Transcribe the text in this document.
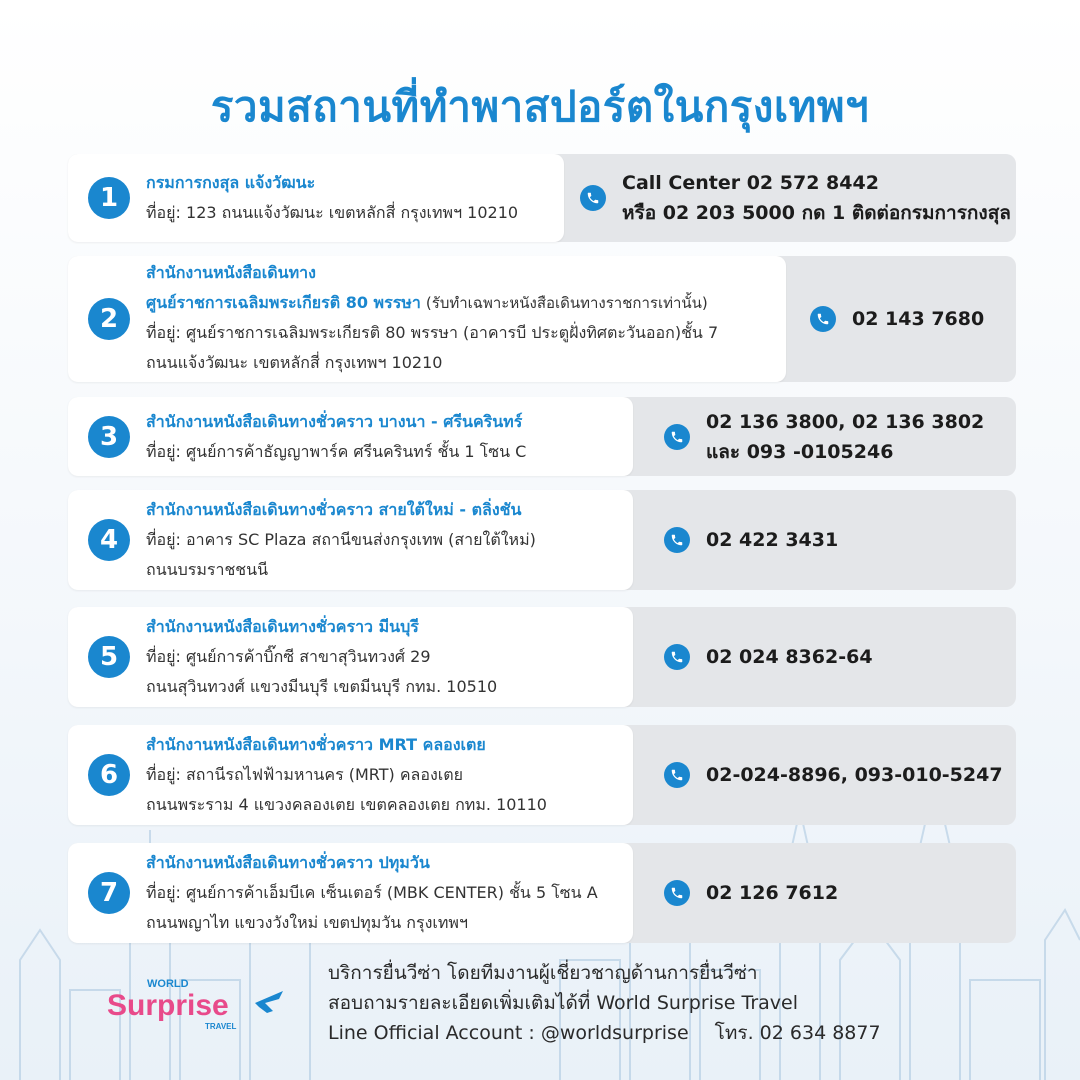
รวมสถานที่ทำพาสปอร์ตในกรุงเทพฯ
1
กรมการกงสุล แจ้งวัฒนะ
ที่อยู่: 123 ถนนแจ้งวัฒนะ เขตหลักสี่ กรุงเทพฯ 10210
Call Center 02 572 8442
หรือ 02 203 5000 กด 1 ติดต่อกรมการกงสุล
2
สำนักงานหนังสือเดินทาง
ศูนย์ราชการเฉลิมพระเกียรติ 80 พรรษา (รับทำเฉพาะหนังสือเดินทางราชการเท่านั้น)
ที่อยู่: ศูนย์ราชการเฉลิมพระเกียรติ 80 พรรษา (อาคารบี ประตูฝั่งทิศตะวันออก)ชั้น 7
ถนนแจ้งวัฒนะ เขตหลักสี่ กรุงเทพฯ 10210
02 143 7680
3	สำนักงานหนังสือเดินทางชั่วคราว บางนา - ศรีนครินทร์
ที่อยู่: ศูนย์การค้าธัญญาพาร์ค ศรีนครินทร์ ชั้น 1 โซน C
02 136 3800, 02 136 3802
และ 093 -0105246
4
สำนักงานหนังสือเดินทางชั่วคราว สายใต้ใหม่ - ตลิ่งชัน
ที่อยู่: อาคาร SC Plaza สถานีขนส่งกรุงเทพ (สายใต้ใหม่)
ถนนบรมราชชนนี
02 422 3431
5
สำนักงานหนังสือเดินทางชั่วคราว มีนบุรี
ที่อยู่: ศูนย์การค้าบิ๊กซี สาขาสุวินทวงศ์ 29
ถนนสุวินทวงศ์ แขวงมีนบุรี เขตมีนบุรี กทม. 10510
02 024 8362-64
6
สำนักงานหนังสือเดินทางชั่วคราว MRT คลองเตย
ที่อยู่: สถานีรถไฟฟ้ามหานคร (MRT) คลองเตย
ถนนพระราม 4 แขวงคลองเตย เขตคลองเตย กทม. 10110
02-024-8896, 093-010-5247
7
สำนักงานหนังสือเดินทางชั่วคราว ปทุมวัน
ที่อยู่: ศูนย์การค้าเอ็มบีเค เซ็นเตอร์ (MBK CENTER) ชั้น 5 โซน A
ถนนพญาไท แขวงวังใหม่ เขตปทุมวัน กรุงเทพฯ
02 126 7612
WORLD
Surprise
TRAVEL
บริการยื่นวีซ่า โดยทีมงานผู้เชี่ยวชาญด้านการยื่นวีซ่า
สอบถามรายละเอียดเพิ่มเติมได้ที่ World Surprise Travel
Line Official Account : @worldsurprise โทร. 02 634 8877
